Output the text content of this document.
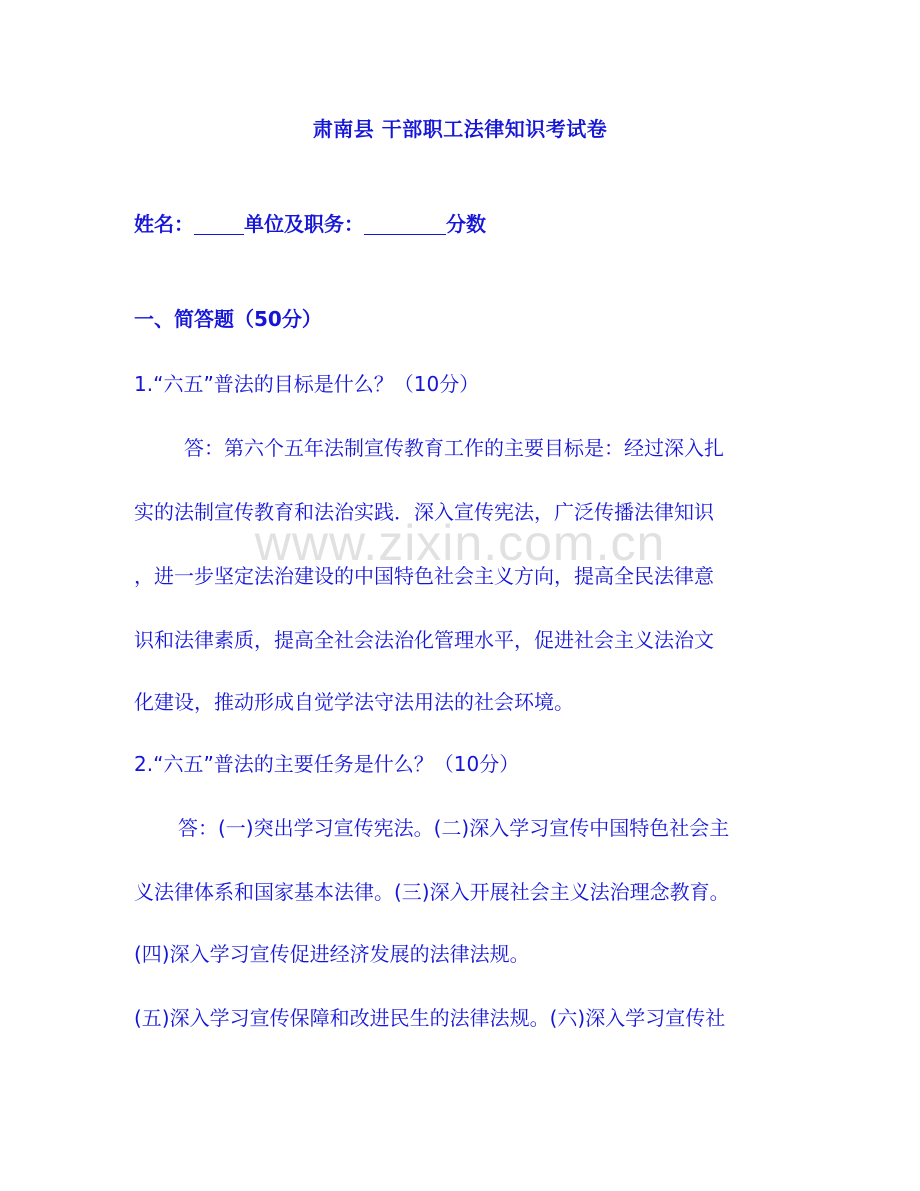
肃南县 干部职工法律知识考试卷
姓名：	单位及职务：	分数
一、简答题（50分）
1.“六五”普法的目标是什么？（10分）
答：第六个五年法制宣传教育工作的主要目标是：经过深入扎
实的法制宣传教育和法治实践．深入宣传宪法，广泛传播法律知识
，进一步坚定法治建设的中国特色社会主义方向，提高全民法律意
识和法律素质，提高全社会法治化管理水平，促进社会主义法治文
化建设，推动形成自觉学法守法用法的社会环境。
2.“六五”普法的主要任务是什么？（10分）
答：(一)突出学习宣传宪法。(二)深入学习宣传中国特色社会主
义法律体系和国家基本法律。(三)深入开展社会主义法治理念教育。
(四)深入学习宣传促进经济发展的法律法规。
(五)深入学习宣传保障和改进民生的法律法规。(六)深入学习宣传社
www.zixin.com.cn
